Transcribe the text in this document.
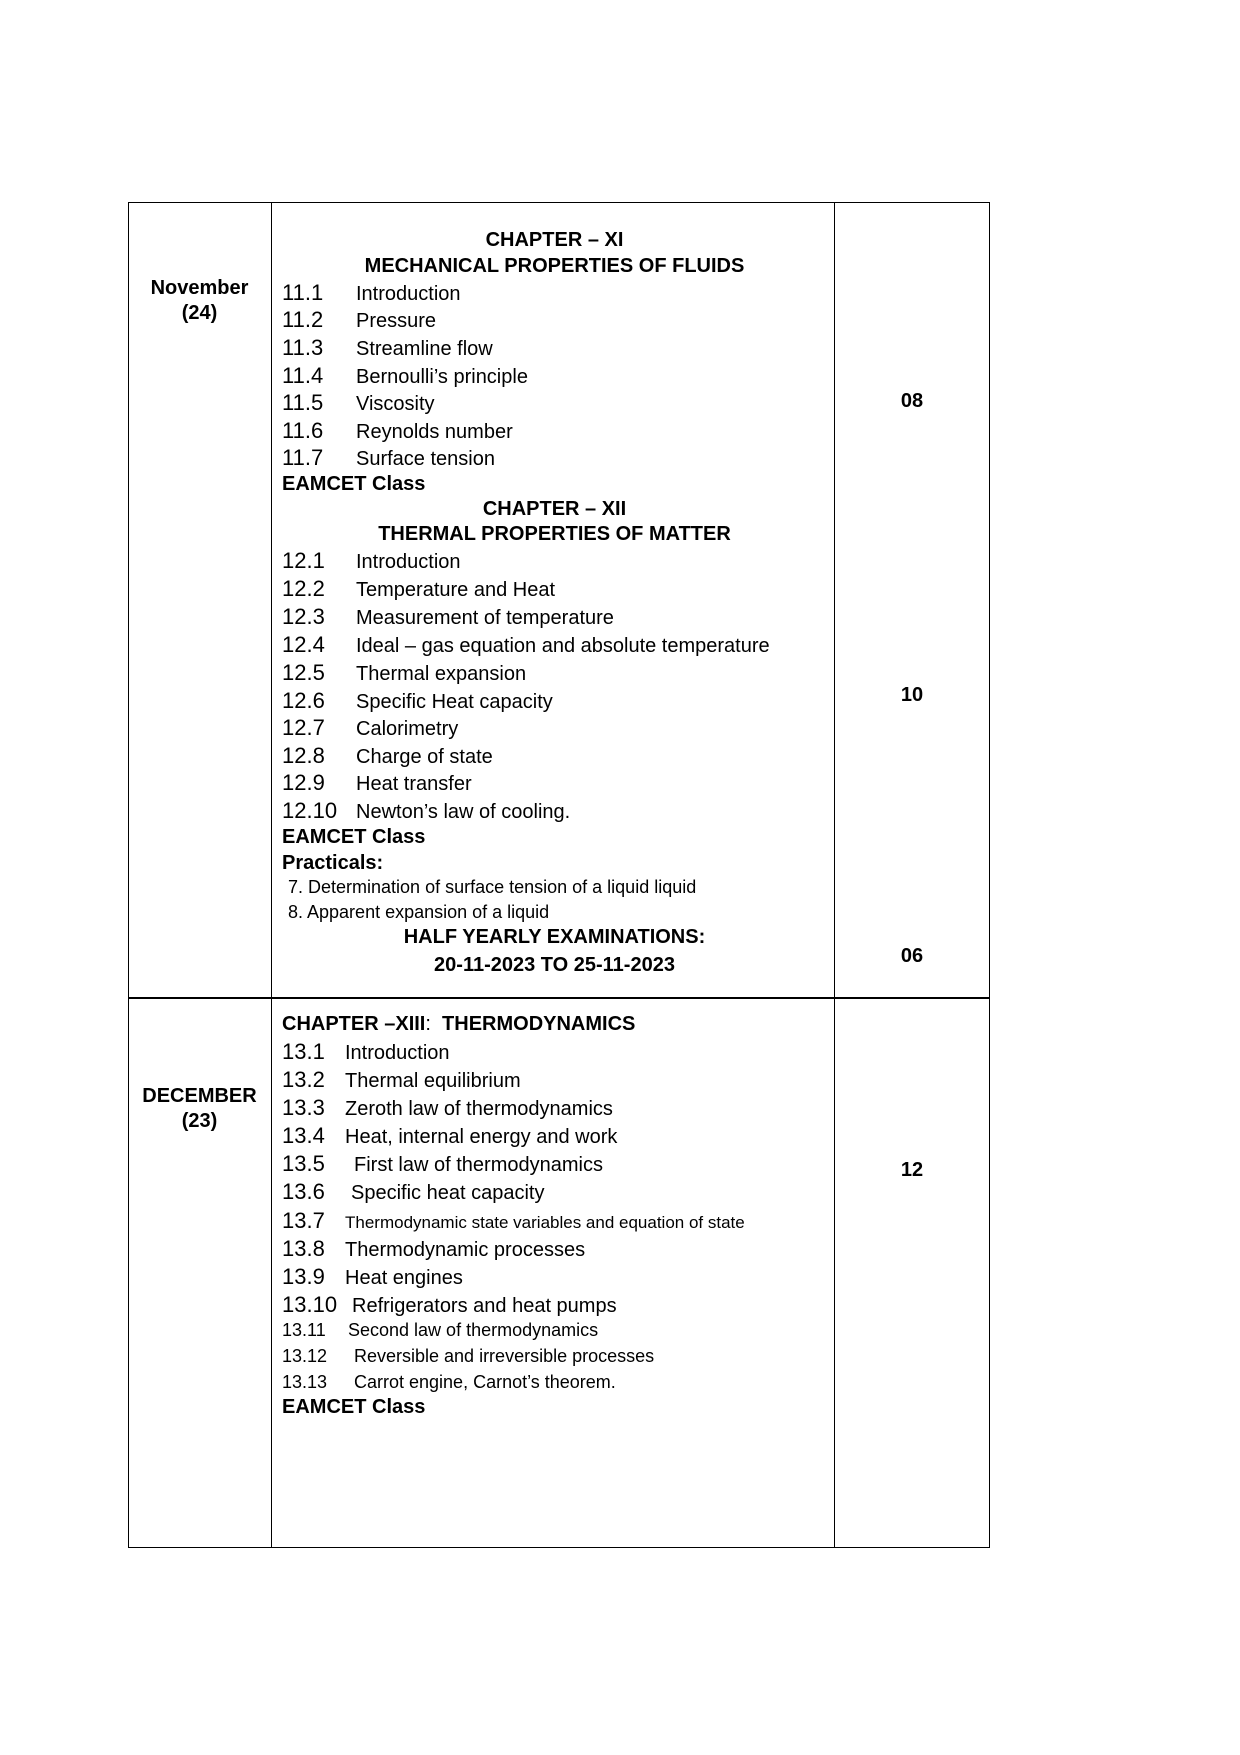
November
(24)
CHAPTER – XI
MECHANICAL PROPERTIES OF FLUIDS
11.1 Introduction
11.2 Pressure
11.3 Streamline flow
11.4 Bernoulli’s principle
11.5 Viscosity
11.6 Reynolds number
11.7 Surface tension
EAMCET Class
CHAPTER – XII
THERMAL PROPERTIES OF MATTER
12.1 Introduction
12.2 Temperature and Heat
12.3 Measurement of temperature
12.4 Ideal – gas equation and absolute temperature
12.5 Thermal expansion
12.6 Specific Heat capacity
12.7 Calorimetry
12.8 Charge of state
12.9 Heat transfer
12.10 Newton’s law of cooling.
EAMCET Class
Practicals:
7. Determination of surface tension of a liquid liquid
8. Apparent expansion of a liquid
HALF YEARLY EXAMINATIONS:
20-11-2023 TO 25-11-2023
08
10
06
DECEMBER
(23)
CHAPTER –XIII: THERMODYNAMICS
13.1 Introduction
13.2 Thermal equilibrium
13.3 Zeroth law of thermodynamics
13.4 Heat, internal energy and work
13.5 First law of thermodynamics
13.6 Specific heat capacity
13.7 Thermodynamic state variables and equation of state
13.8 Thermodynamic processes
13.9 Heat engines
13.10 Refrigerators and heat pumps
13.11 Second law of thermodynamics
13.12 Reversible and irreversible processes
13.13 Carrot engine, Carnot’s theorem.
EAMCET Class
12
